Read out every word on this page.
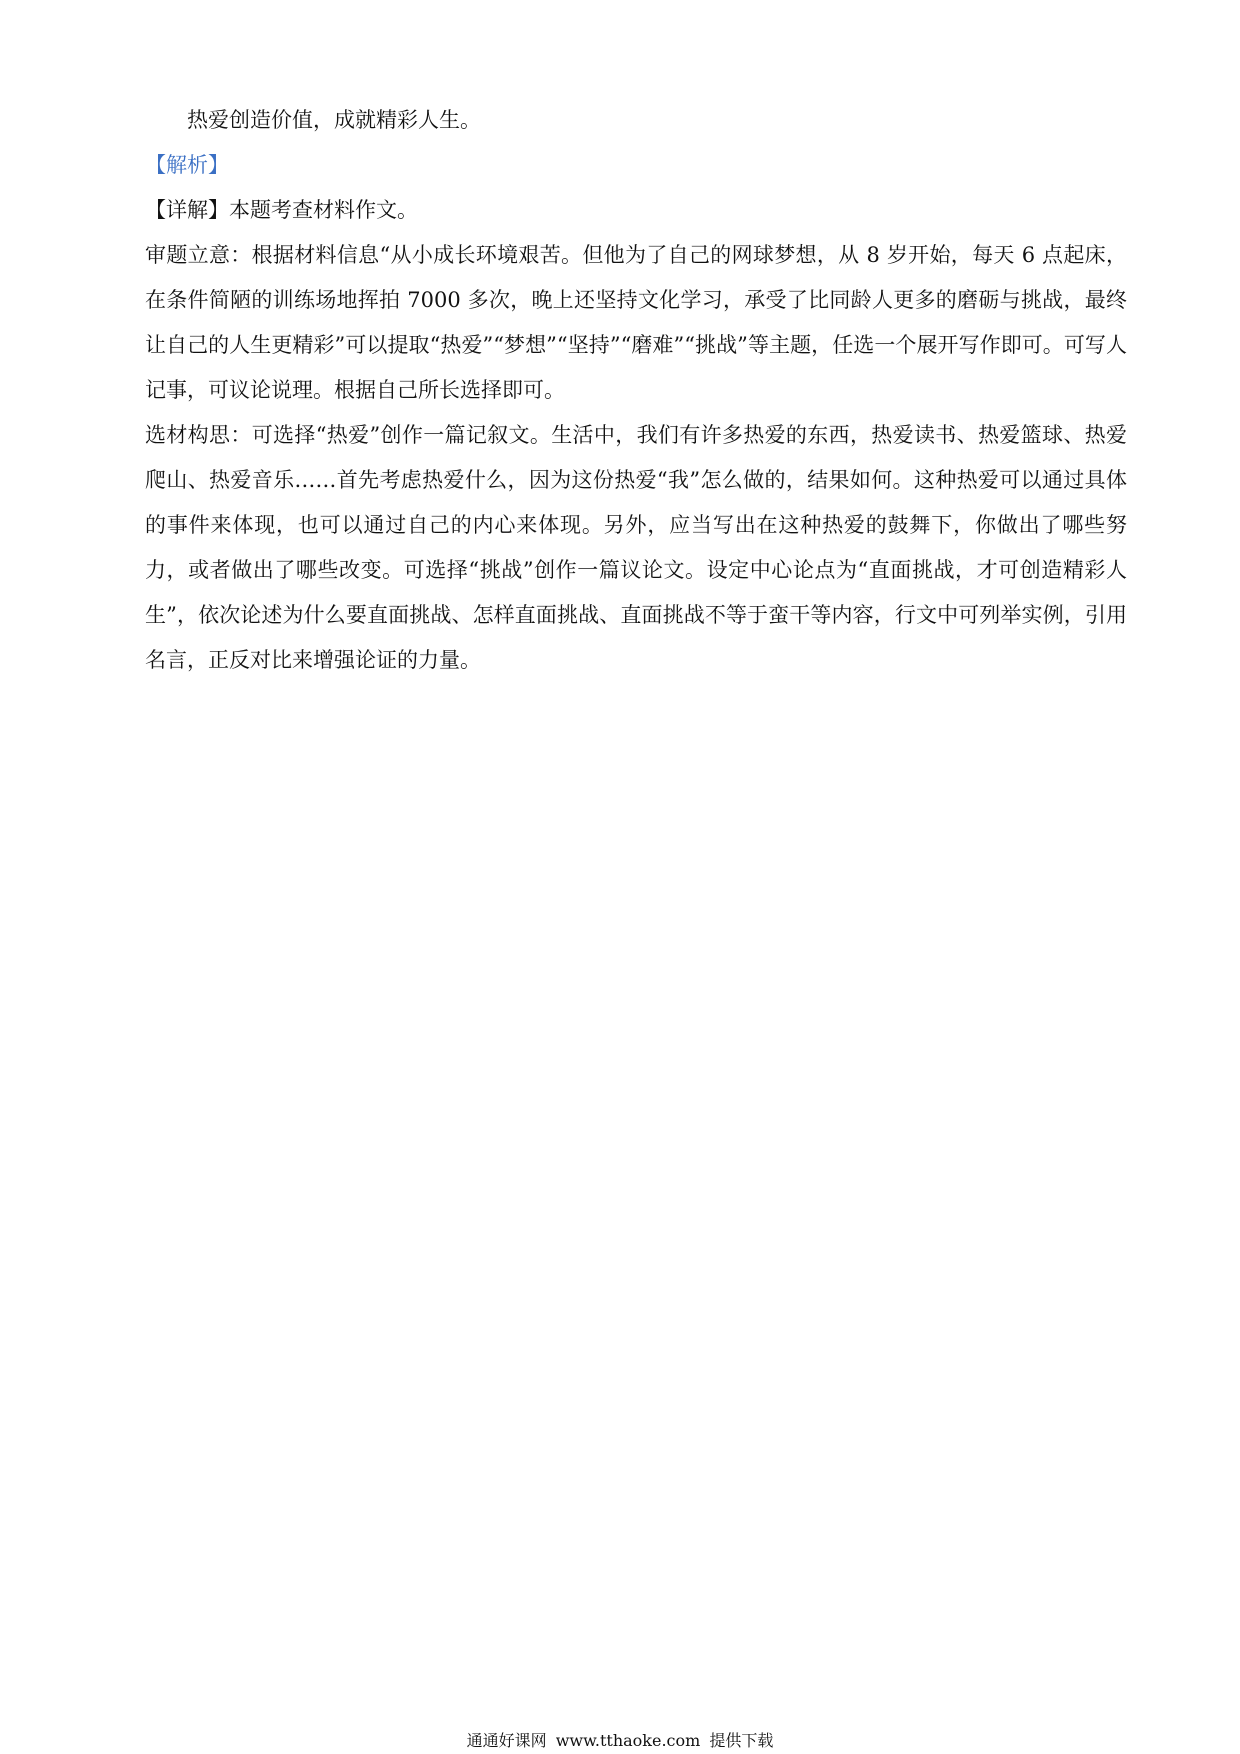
热爱创造价值，成就精彩人生。

【解析】

【详解】本题考查材料作文。

审题立意：根据材料信息“从小成长环境艰苦。但他为了自己的网球梦想，从 8 岁开始，每天 6 点起床，在条件简陋的训练场地挥拍 7000 多次，晚上还坚持文化学习，承受了比同龄人更多的磨砺与挑战，最终让自己的人生更精彩”可以提取“热爱”“梦想”“坚持”“磨难”“挑战”等主题，任选一个展开写作即可。可写人记事，可议论说理。根据自己所长选择即可。

选材构思：可选择“热爱”创作一篇记叙文。生活中，我们有许多热爱的东西，热爱读书、热爱篮球、热爱爬山、热爱音乐……首先考虑热爱什么，因为这份热爱“我”怎么做的，结果如何。这种热爱可以通过具体的事件来体现，也可以通过自己的内心来体现。另外，应当写出在这种热爱的鼓舞下，你做出了哪些努力，或者做出了哪些改变。可选择“挑战”创作一篇议论文。设定中心论点为“直面挑战，才可创造精彩人生”，依次论述为什么要直面挑战、怎样直面挑战、直面挑战不等于蛮干等内容，行文中可列举实例，引用名言，正反对比来增强论证的力量。

通通好课网 www.tthaoke.com 提供下载
